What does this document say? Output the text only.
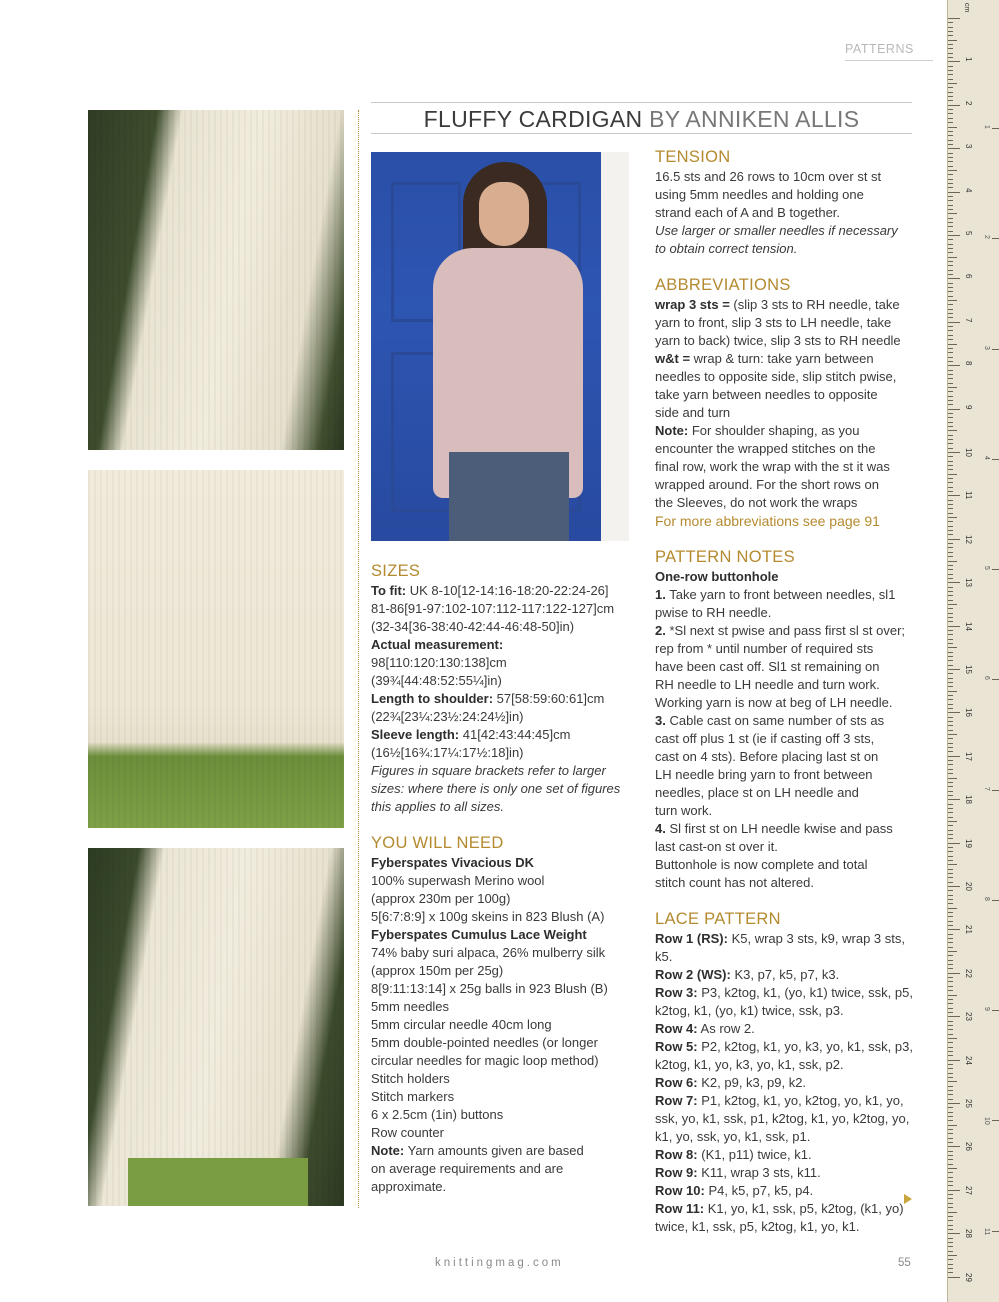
PATTERNS
FLUFFY CARDIGAN BY ANNIKEN ALLIS
SIZES

To fit: UK 8-10[12-14:16-18:20-22:24-26]

81-86[91-97:102-107:112-117:122-127]cm

(32-34[36-38:40-42:44-46:48-50]in)

Actual measurement:

98[110:120:130:138]cm

(39¾[44:48:52:55¼]in)

Length to shoulder: 57[58:59:60:61]cm

(22¾[23¼:23½:24:24½]in)

Sleeve length: 41[42:43:44:45]cm

(16½[16¾:17¼:17½:18]in)

Figures in square brackets refer to larger

sizes: where there is only one set of figures

this applies to all sizes.

YOU WILL NEED

Fyberspates Vivacious DK

100% superwash Merino wool

(approx 230m per 100g)

5[6:7:8:9] x 100g skeins in 823 Blush (A)

Fyberspates Cumulus Lace Weight

74% baby suri alpaca, 26% mulberry silk

(approx 150m per 25g)

8[9:11:13:14] x 25g balls in 923 Blush (B)

5mm needles

5mm circular needle 40cm long

5mm double-pointed needles (or longer

circular needles for magic loop method)

Stitch holders

Stitch markers

6 x 2.5cm (1in) buttons

Row counter

Note: Yarn amounts given are based

on average requirements and are

approximate.

TENSION

16.5 sts and 26 rows to 10cm over st st

using 5mm needles and holding one

strand each of A and B together.

Use larger or smaller needles if necessary

to obtain correct tension.

ABBREVIATIONS

wrap 3 sts = (slip 3 sts to RH needle, take

yarn to front, slip 3 sts to LH needle, take

yarn to back) twice, slip 3 sts to RH needle

w&t = wrap & turn: take yarn between

needles to opposite side, slip stitch pwise,

take yarn between needles to opposite

side and turn

Note: For shoulder shaping, as you

encounter the wrapped stitches on the

final row, work the wrap with the st it was

wrapped around. For the short rows on

the Sleeves, do not work the wraps

For more abbreviations see page 91

PATTERN NOTES

One-row buttonhole

1. Take yarn to front between needles, sl1

pwise to RH needle.

2. *Sl next st pwise and pass first sl st over;

rep from * until number of required sts

have been cast off. Sl1 st remaining on

RH needle to LH needle and turn work.

Working yarn is now at beg of LH needle.

3. Cable cast on same number of sts as

cast off plus 1 st (ie if casting off 3 sts,

cast on 4 sts). Before placing last st on

LH needle bring yarn to front between

needles, place st on LH needle and

turn work.

4. Sl first st on LH needle kwise and pass

last cast-on st over it.

Buttonhole is now complete and total

stitch count has not altered.

LACE PATTERN

Row 1 (RS): K5, wrap 3 sts, k9, wrap 3 sts, k5.

Row 2 (WS): K3, p7, k5, p7, k3.

Row 3: P3, k2tog, k1, (yo, k1) twice, ssk, p5,

k2tog, k1, (yo, k1) twice, ssk, p3.

Row 4: As row 2.

Row 5: P2, k2tog, k1, yo, k3, yo, k1, ssk, p3,

k2tog, k1, yo, k3, yo, k1, ssk, p2.

Row 6: K2, p9, k3, p9, k2.

Row 7: P1, k2tog, k1, yo, k2tog, yo, k1, yo,

ssk, yo, k1, ssk, p1, k2tog, k1, yo, k2tog, yo,

k1, yo, ssk, yo, k1, ssk, p1.

Row 8: (K1, p11) twice, k1.

Row 9: K11, wrap 3 sts, k11.

Row 10: P4, k5, p7, k5, p4.

Row 11: K1, yo, k1, ssk, p5, k2tog, (k1, yo)

twice, k1, ssk, p5, k2tog, k1, yo, k1.

knittingmag.com	55
cm
1
2
3
4
5
6
7
8
9
10
11
12
13
14
15
16
17
18
19
20
21
22
23
24
25
26
27
28
29
1
2
3
4
5
6
7
8
9
10
11
